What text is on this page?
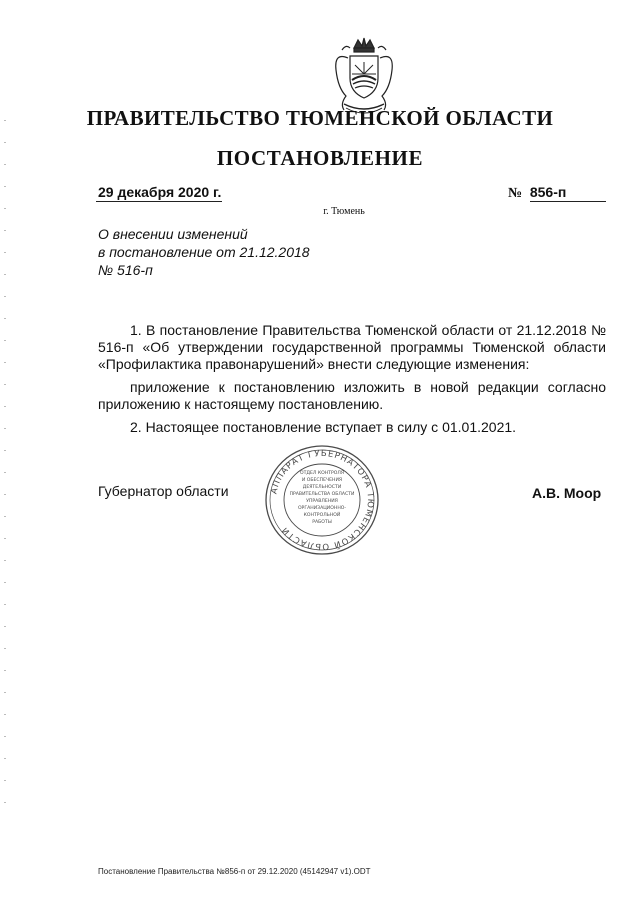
ПРАВИТЕЛЬСТВО ТЮМЕНСКОЙ ОБЛАСТИ
ПОСТАНОВЛЕНИЕ
29 декабря 2020 г.	№ 856-п
г. Тюмень
О внесении изменений
в постановление от 21.12.2018
№ 516-п

1. В постановление Правительства Тюменской области от 21.12.2018 № 516-п «Об утверждении государственной программы Тюменской области «Профилактика правонарушений» внести следующие изменения:

приложение к постановлению изложить в новой редакции согласно приложению к настоящему постановлению.

2. Настоящее постановление вступает в силу с 01.01.2021.

Губернатор области	А.В. Моор
АППАРАТ ГУБЕРНАТОРА ТЮМЕНСКОЙ ОБЛАСТИ
ОТДЕЛ КОНТРОЛЯ
И ОБЕСПЕЧЕНИЯ
ДЕЯТЕЛЬНОСТИ
ПРАВИТЕЛЬСТВА ОБЛАСТИ
УПРАВЛЕНИЯ
ОРГАНИЗАЦИОННО-
КОНТРОЛЬНОЙ
РАБОТЫ
Постановление Правительства №856-п от 29.12.2020 (45142947 v1).ODT
